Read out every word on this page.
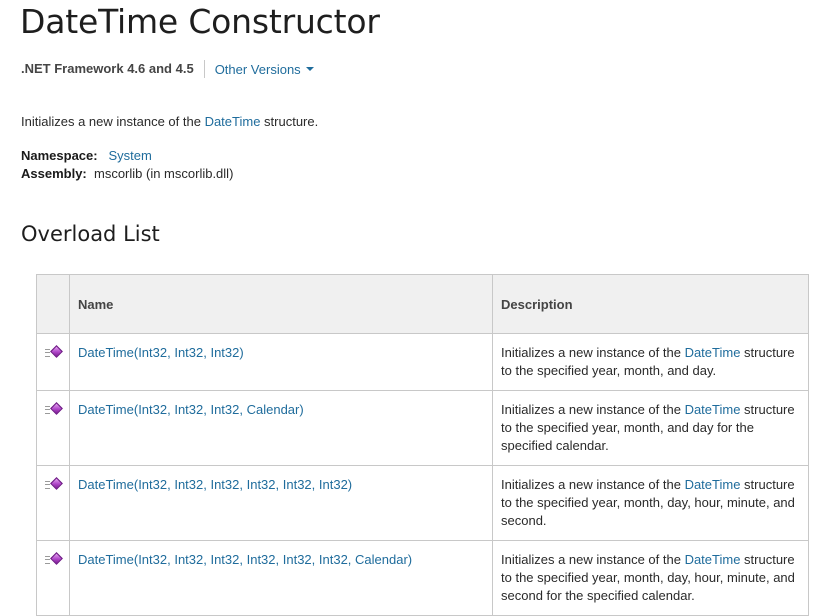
DateTime Constructor
.NET Framework 4.6 and 4.5	Other Versions
Initializes a new instance of the DateTime structure.
Namespace: System
Assembly: mscorlib (in mscorlib.dll)
Overload List
	Name	Description

	DateTime(Int32, Int32, Int32)	Initializes a new instance of the DateTime structure to the specified year, month, and day.

	DateTime(Int32, Int32, Int32, Calendar)	Initializes a new instance of the DateTime structure to the specified year, month, and day for the specified calendar.

	DateTime(Int32, Int32, Int32, Int32, Int32, Int32)	Initializes a new instance of the DateTime structure to the specified year, month, day, hour, minute, and second.

	DateTime(Int32, Int32, Int32, Int32, Int32, Int32, Calendar)	Initializes a new instance of the DateTime structure to the specified year, month, day, hour, minute, and second for the specified calendar.
